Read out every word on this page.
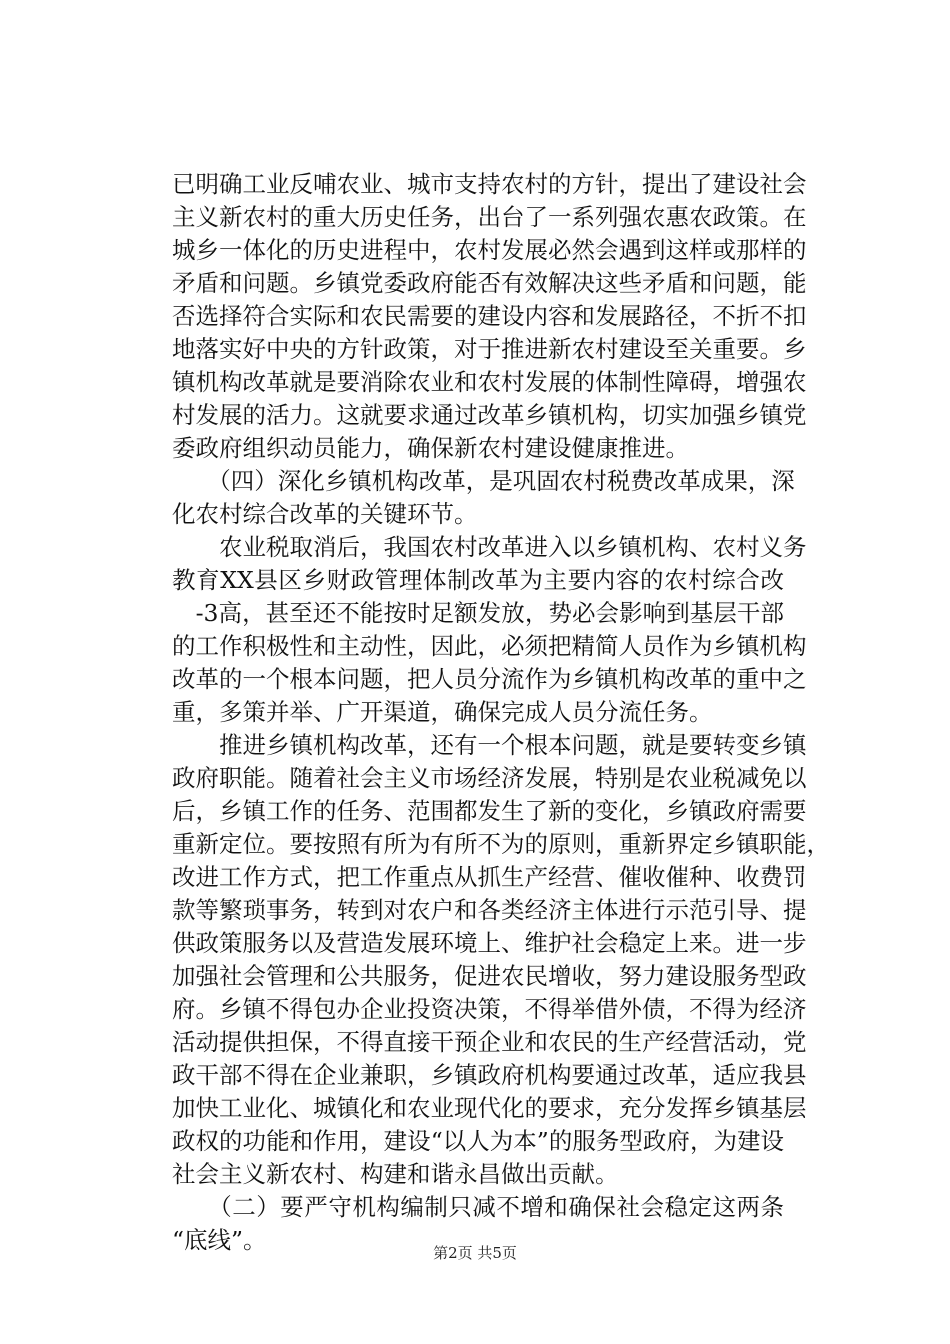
已明确工业反哺农业、城市支持农村的方针，提出了建设社会
主义新农村的重大历史任务，出台了一系列强农惠农政策。在
城乡一体化的历史进程中，农村发展必然会遇到这样或那样的
矛盾和问题。乡镇党委政府能否有效解决这些矛盾和问题，能
否选择符合实际和农民需要的建设内容和发展路径，不折不扣
地落实好中央的方针政策，对于推进新农村建设至关重要。乡
镇机构改革就是要消除农业和农村发展的体制性障碍，增强农
村发展的活力。这就要求通过改革乡镇机构，切实加强乡镇党
委政府组织动员能力，确保新农村建设健康推进。
　　（四）深化乡镇机构改革，是巩固农村税费改革成果，深
化农村综合改革的关键环节。
　　农业税取消后，我国农村改革进入以乡镇机构、农村义务
教育XX县区乡财政管理体制改革为主要内容的农村综合改
　-3高，甚至还不能按时足额发放，势必会影响到基层干部
的工作积极性和主动性，因此，必须把精简人员作为乡镇机构
改革的一个根本问题，把人员分流作为乡镇机构改革的重中之
重，多策并举、广开渠道，确保完成人员分流任务。
　　推进乡镇机构改革，还有一个根本问题，就是要转变乡镇
政府职能。随着社会主义市场经济发展，特别是农业税减免以
后，乡镇工作的任务、范围都发生了新的变化，乡镇政府需要
重新定位。要按照有所为有所不为的原则，重新界定乡镇职能，
改进工作方式，把工作重点从抓生产经营、催收催种、收费罚
款等繁琐事务，转到对农户和各类经济主体进行示范引导、提
供政策服务以及营造发展环境上、维护社会稳定上来。进一步
加强社会管理和公共服务，促进农民增收，努力建设服务型政
府。乡镇不得包办企业投资决策，不得举借外债，不得为经济
活动提供担保，不得直接干预企业和农民的生产经营活动，党
政干部不得在企业兼职，乡镇政府机构要通过改革，适应我县
加快工业化、城镇化和农业现代化的要求，充分发挥乡镇基层
政权的功能和作用，建设“以人为本”的服务型政府，为建设
社会主义新农村、构建和谐永昌做出贡献。
　　（二）要严守机构编制只减不增和确保社会稳定这两条
“底线”。	第2页 共5页
